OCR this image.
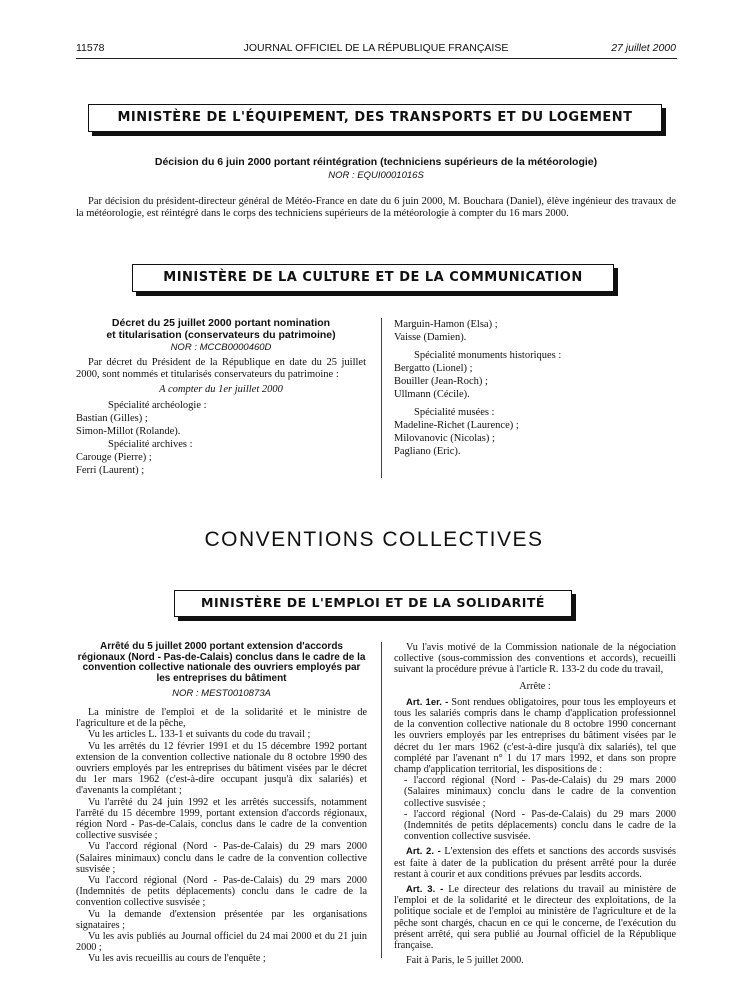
11578	JOURNAL OFFICIEL DE LA RÉPUBLIQUE FRANÇAISE	27 juillet 2000
MINISTÈRE DE L'ÉQUIPEMENT, DES TRANSPORTS ET DU LOGEMENT
Décision du 6 juin 2000 portant réintégration (techniciens supérieurs de la météorologie)
NOR : EQUI0001016S
Par décision du président-directeur général de Météo-France en date du 6 juin 2000, M. Bouchara (Daniel), élève ingénieur des travaux de la météorologie, est réintégré dans le corps des techniciens supérieurs de la météorologie à compter du 16 mars 2000.
MINISTÈRE DE LA CULTURE ET DE LA COMMUNICATION
Décret du 25 juillet 2000 portant nomination
et titularisation (conservateurs du patrimoine)
NOR : MCCB0000460D
Par décret du Président de la République en date du 25 juillet 2000, sont nommés et titularisés conservateurs du patrimoine :
A compter du 1er juillet 2000
Spécialité archéologie :
Bastian (Gilles) ;
Simon-Millot (Rolande).
Spécialité archives :
Carouge (Pierre) ;
Ferri (Laurent) ;
Marguin-Hamon (Elsa) ;
Vaisse (Damien).
Spécialité monuments historiques :
Bergatto (Lionel) ;
Bouiller (Jean-Roch) ;
Ullmann (Cécile).
Spécialité musées :
Madeline-Richet (Laurence) ;
Milovanovic (Nicolas) ;
Pagliano (Eric).
CONVENTIONS COLLECTIVES
MINISTÈRE DE L'EMPLOI ET DE LA SOLIDARITÉ
Arrêté du 5 juillet 2000 portant extension d'accords régionaux (Nord - Pas-de-Calais) conclus dans le cadre de la convention collective nationale des ouvriers employés par les entreprises du bâtiment
NOR : MEST0010873A

La ministre de l'emploi et de la solidarité et le ministre de l'agriculture et de la pêche,

Vu les articles L. 133-1 et suivants du code du travail ;

Vu les arrêtés du 12 février 1991 et du 15 décembre 1992 portant extension de la convention collective nationale du 8 octobre 1990 des ouvriers employés par les entreprises du bâtiment visées par le décret du 1er mars 1962 (c'est-à-dire occupant jusqu'à dix salariés) et d'avenants la complétant ;

Vu l'arrêté du 24 juin 1992 et les arrêtés successifs, notamment l'arrêté du 15 décembre 1999, portant extension d'accords régionaux, région Nord - Pas-de-Calais, conclus dans le cadre de la convention collective susvisée ;

Vu l'accord régional (Nord - Pas-de-Calais) du 29 mars 2000 (Salaires minimaux) conclu dans le cadre de la convention collective susvisée ;

Vu l'accord régional (Nord - Pas-de-Calais) du 29 mars 2000 (Indemnités de petits déplacements) conclu dans le cadre de la convention collective susvisée ;

Vu la demande d'extension présentée par les organisations signataires ;

Vu les avis publiés au Journal officiel du 24 mai 2000 et du 21 juin 2000 ;

Vu les avis recueillis au cours de l'enquête ;

Vu l'avis motivé de la Commission nationale de la négociation collective (sous-commission des conventions et accords), recueilli suivant la procédure prévue à l'article R. 133-2 du code du travail,

Arrête :

Art. 1er. - Sont rendues obligatoires, pour tous les employeurs et tous les salariés compris dans le champ d'application professionnel de la convention collective nationale du 8 octobre 1990 concernant les ouvriers employés par les entreprises du bâtiment visées par le décret du 1er mars 1962 (c'est-à-dire jusqu'à dix salariés), tel que complété par l'avenant n° 1 du 17 mars 1992, et dans son propre champ d'application territorial, les dispositions de :

- l'accord régional (Nord - Pas-de-Calais) du 29 mars 2000 (Salaires minimaux) conclu dans le cadre de la convention collective susvisée ;

- l'accord régional (Nord - Pas-de-Calais) du 29 mars 2000 (Indemnités de petits déplacements) conclu dans le cadre de la convention collective susvisée.

Art. 2. - L'extension des effets et sanctions des accords susvisés est faite à dater de la publication du présent arrêté pour la durée restant à courir et aux conditions prévues par lesdits accords.

Art. 3. - Le directeur des relations du travail au ministère de l'emploi et de la solidarité et le directeur des exploitations, de la politique sociale et de l'emploi au ministère de l'agriculture et de la pêche sont chargés, chacun en ce qui le concerne, de l'exécution du présent arrêté, qui sera publié au Journal officiel de la République française.

Fait à Paris, le 5 juillet 2000.
